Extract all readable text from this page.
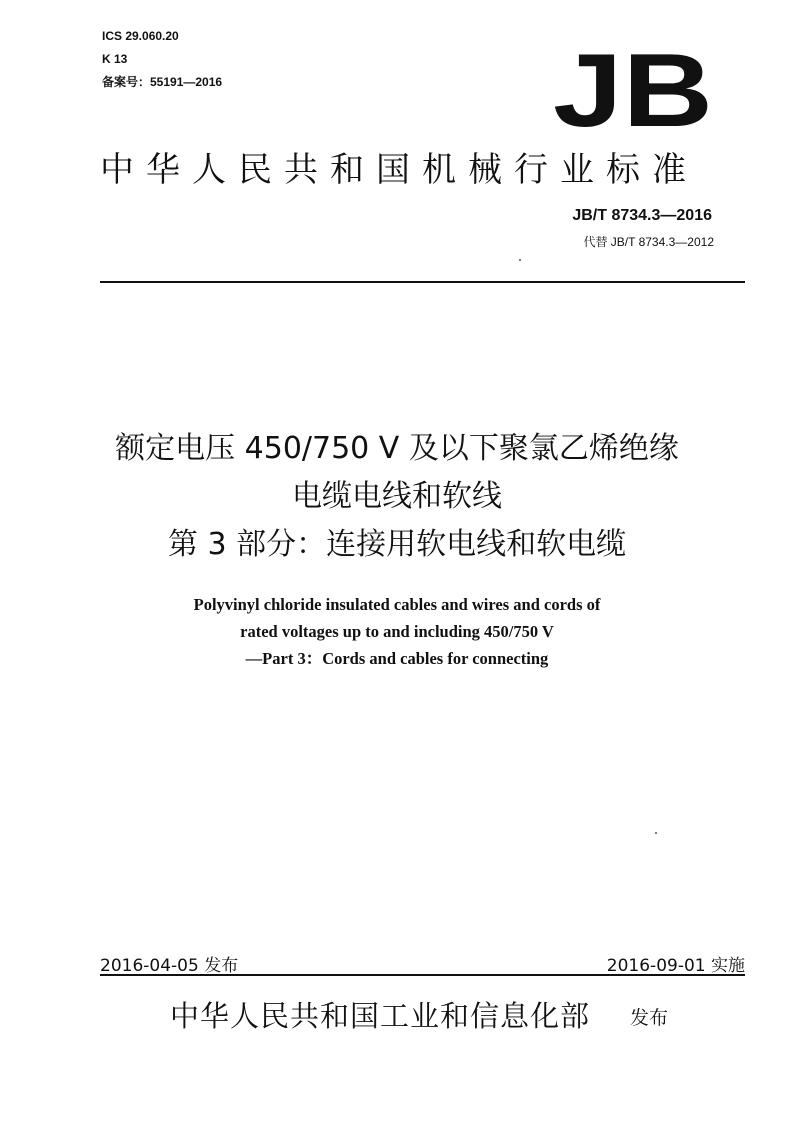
ICS 29.060.20
K 13
备案号：55191—2016	JB
中华人民共和国机械行业标准
JB/T 8734.3—2016
代替 JB/T 8734.3—2012
额定电压 450/750 V 及以下聚氯乙烯绝缘
电缆电线和软线
第 3 部分：连接用软电线和软电缆
Polyvinyl chloride insulated cables and wires and cords of
rated voltages up to and including 450/750 V
—Part 3：Cords and cables for connecting
2016-04-05 发布	2016-09-01 实施
中华人民共和国工业和信息化部 发布
